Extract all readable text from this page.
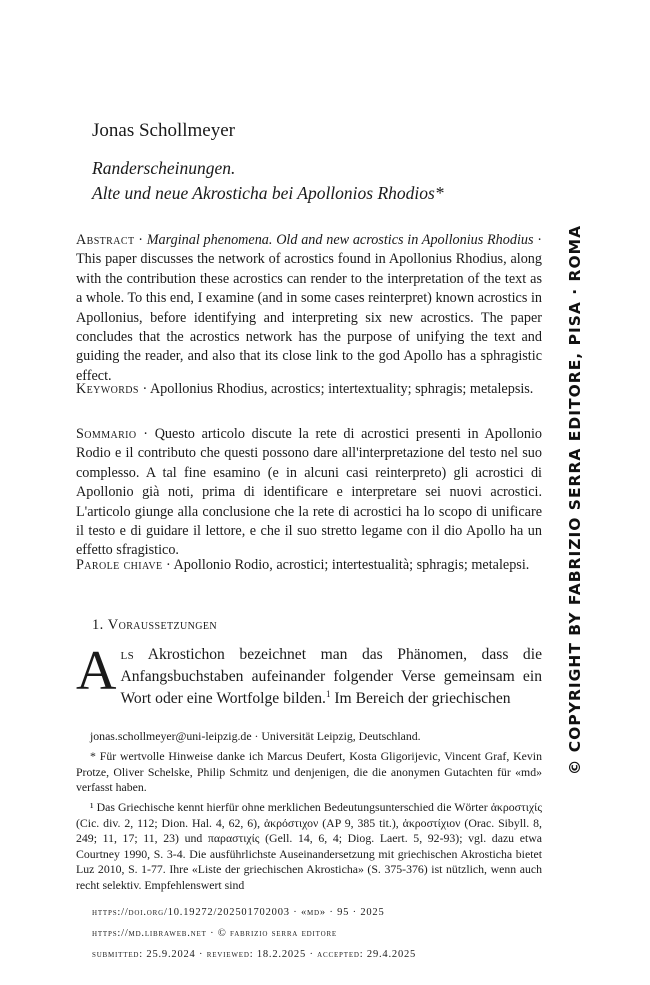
Jonas Schollmeyer
Randerscheinungen.
Alte und neue Akrosticha bei Apollonios Rhodios*

Abstract · Marginal phenomena. Old and new acrostics in Apollonius Rhodius · This paper discusses the network of acrostics found in Apollonius Rhodius, along with the contribution these acrostics can render to the interpretation of the text as a whole. To this end, I examine (and in some cases reinterpret) known acrostics in Apollonius, before identifying and interpreting six new acrostics. The paper concludes that the acrostics network has the purpose of unifying the text and guiding the reader, and also that its close link to the god Apollo has a sphragistic effect.

Keywords · Apollonius Rhodius, acrostics; intertextuality; sphragis; metalepsis.

Sommario · Questo articolo discute la rete di acrostici presenti in Apollonio Rodio e il contributo che questi possono dare all'interpretazione del testo nel suo complesso. A tal fine esamino (e in alcuni casi reinterpreto) gli acrostici di Apollonio già noti, prima di identificare e interpretare sei nuovi acrostici. L'articolo giunge alla conclusione che la rete di acrostici ha lo scopo di unificare il testo e di guidare il lettore, e che il suo stretto legame con il dio Apollo ha un effetto sfragistico.

Parole chiave · Apollonio Rodio, acrostici; intertestualità; sphragis; metalepsi.

1. Voraussetzungen

Als Akrostichon bezeichnet man das Phänomen, dass die Anfangsbuchstaben aufeinander folgender Verse gemeinsam ein Wort oder eine Wortfolge bilden.$^1$ Im Bereich der griechischen

jonas.schollmeyer@uni-leipzig.de · Universität Leipzig, Deutschland.

* Für wertvolle Hinweise danke ich Marcus Deufert, Kosta Gligorijevic, Vincent Graf, Kevin Protze, Oliver Schelske, Philip Schmitz und denjenigen, die die anonymen Gutachten für «md» verfasst haben.

¹ Das Griechische kennt hierfür ohne merklichen Bedeutungsunterschied die Wörter ἀκροστιχίς (Cic. div. 2, 112; Dion. Hal. 4, 62, 6), ἀκρόστιχον (AP 9, 385 tit.), ἀκροστίχιον (Orac. Sibyll. 8, 249; 11, 17; 11, 23) und παραστιχίς (Gell. 14, 6, 4; Diog. Laert. 5, 92-93); vgl. dazu etwa Courtney 1990, S. 3-4. Die ausführlichste Auseinandersetzung mit griechischen Akrosticha bietet Luz 2010, S. 1-77. Ihre «Liste der griechischen Akrosticha» (S. 375-376) ist nützlich, wenn auch recht selektiv. Empfehlenswert sind

https://doi.org/10.19272/202501702003 · «md» · 95 · 2025
https://md.libraweb.net · © fabrizio serra editore
submitted: 25.9.2024 · reviewed: 18.2.2025 · accepted: 29.4.2025
© COPYRIGHT BY FABRIZIO SERRA EDITORE, PISA · ROMA
